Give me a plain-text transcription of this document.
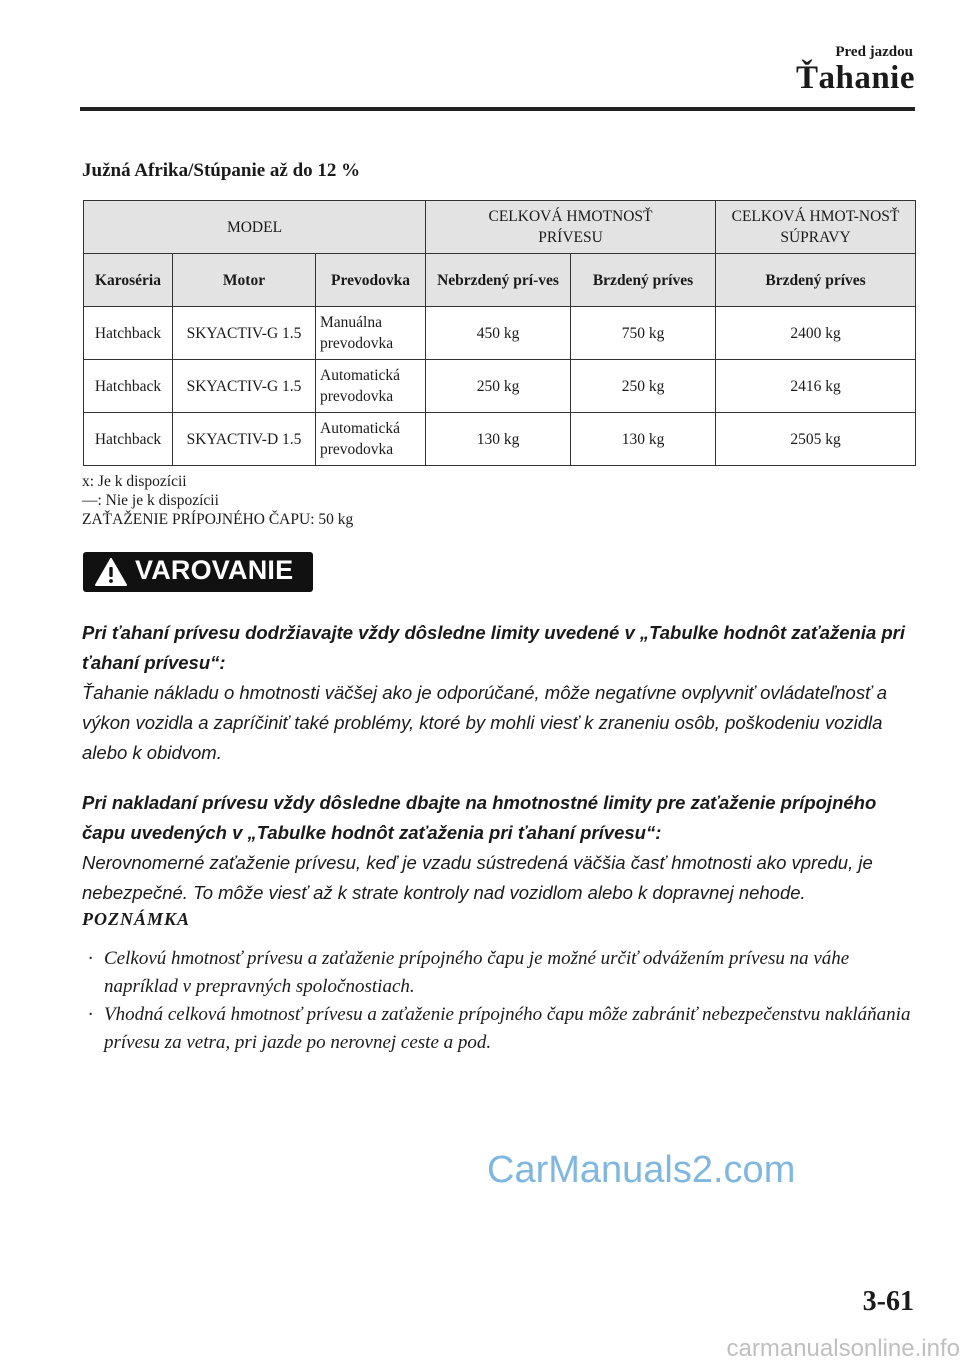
Pred jazdou
Ťahanie
Južná Afrika/Stúpanie až do 12 %
MODEL			CELKOVÁ HMOTNOSŤ PRÍVESU		CELKOVÁ HMOT-NOSŤ SÚPRAVY
Karoséria	Motor	Prevodovka	Nebrzdený prí-ves	Brzdený príves	Brzdený príves
Hatchback	SKYACTIV-G 1.5	Manuálna prevodovka	450 kg	750 kg	2400 kg
Hatchback	SKYACTIV-G 1.5	Automatická prevodovka	250 kg	250 kg	2416 kg
Hatchback	SKYACTIV-D 1.5	Automatická prevodovka	130 kg	130 kg	2505 kg
x: Je k dispozícii
—: Nie je k dispozícii
ZAŤAŽENIE PRÍPOJNÉHO ČAPU: 50 kg
VAROVANIE

Pri ťahaní prívesu dodržiavajte vždy dôsledne limity uvedené v „Tabulke hodnôt zaťaženia pri ťahaní prívesu“:

Ťahanie nákladu o hmotnosti väčšej ako je odporúčané, môže negatívne ovplyvniť ovládateľnosť a výkon vozidla a zapríčiniť také problémy, ktoré by mohli viesť k zraneniu osôb, poškodeniu vozidla alebo k obidvom.

Pri nakladaní prívesu vždy dôsledne dbajte na hmotnostné limity pre zaťaženie prípojného čapu uvedených v „Tabulke hodnôt zaťaženia pri ťahaní prívesu“:

Nerovnomerné zaťaženie prívesu, keď je vzadu sústredená väčšia časť hmotnosti ako vpredu, je nebezpečné. To môže viesť až k strate kontroly nad vozidlom alebo k dopravnej nehode.

POZNÁMKA
· Celkovú hmotnosť prívesu a zaťaženie prípojného čapu je možné určiť odvážením prívesu na váhe napríklad v prepravných spoločnostiach.
· Vhodná celková hmotnosť prívesu a zaťaženie prípojného čapu môže zabrániť nebezpečenstvu nakláňania prívesu za vetra, pri jazde po nerovnej ceste a pod.
CarManuals2.com
3-61
carmanualsonline.info
